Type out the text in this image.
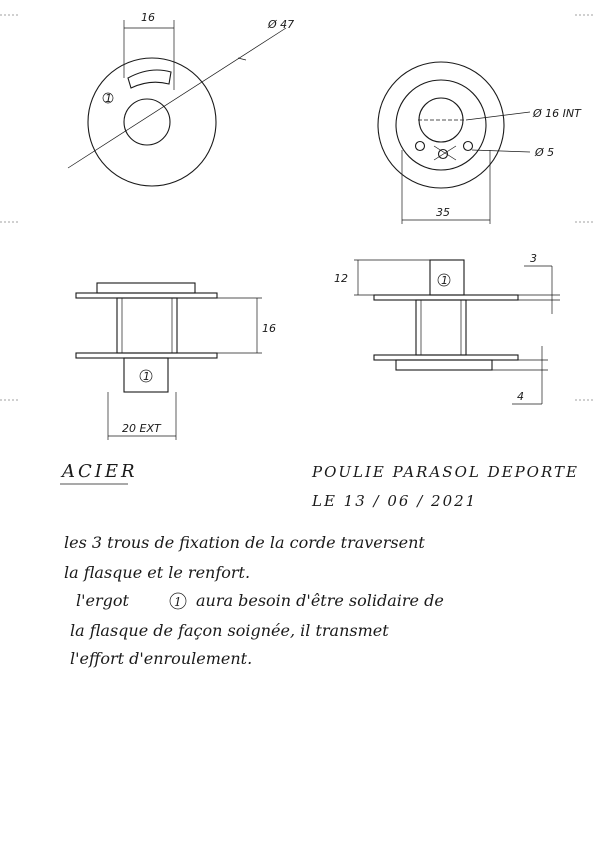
16
Ø 47
1
Ø 16 INT
Ø 5
35
1
16
20 EXT
1
12
3
4
ACIER	POULIE PARASOL DEPORTE
LE 13 / 06 / 2021
les 3 trous de fixation de la corde traversent
la flasque et le renfort.
l'ergot	1 aura besoin d'être solidaire de
la flasque de façon soignée, il transmet
l'effort d'enroulement.
